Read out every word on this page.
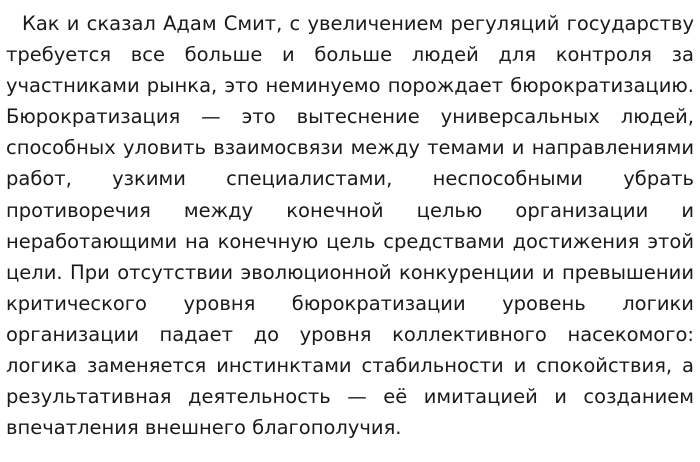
Как и сказал Адам Смит, с увеличением регуляций государству требуется все больше и больше людей для контроля за участниками рынка, это неминуемо порождает бюрократизацию. Бюрократизация — это вытеснение универсальных людей, способных уловить взаимосвязи между темами и направлениями работ, узкими специалистами, неспособными убрать противоречия между конечной целью организации и неработающими на конечную цель средствами достижения этой цели. При отсутствии эволюционной конкуренции и превышении критического уровня бюрократизации уровень логики организации падает до уровня коллективного насекомого: логика заменяется инстинктами стабильности и спокойствия, а результативная деятельность — её имитацией и созданием впечатления внешнего благополучия.
